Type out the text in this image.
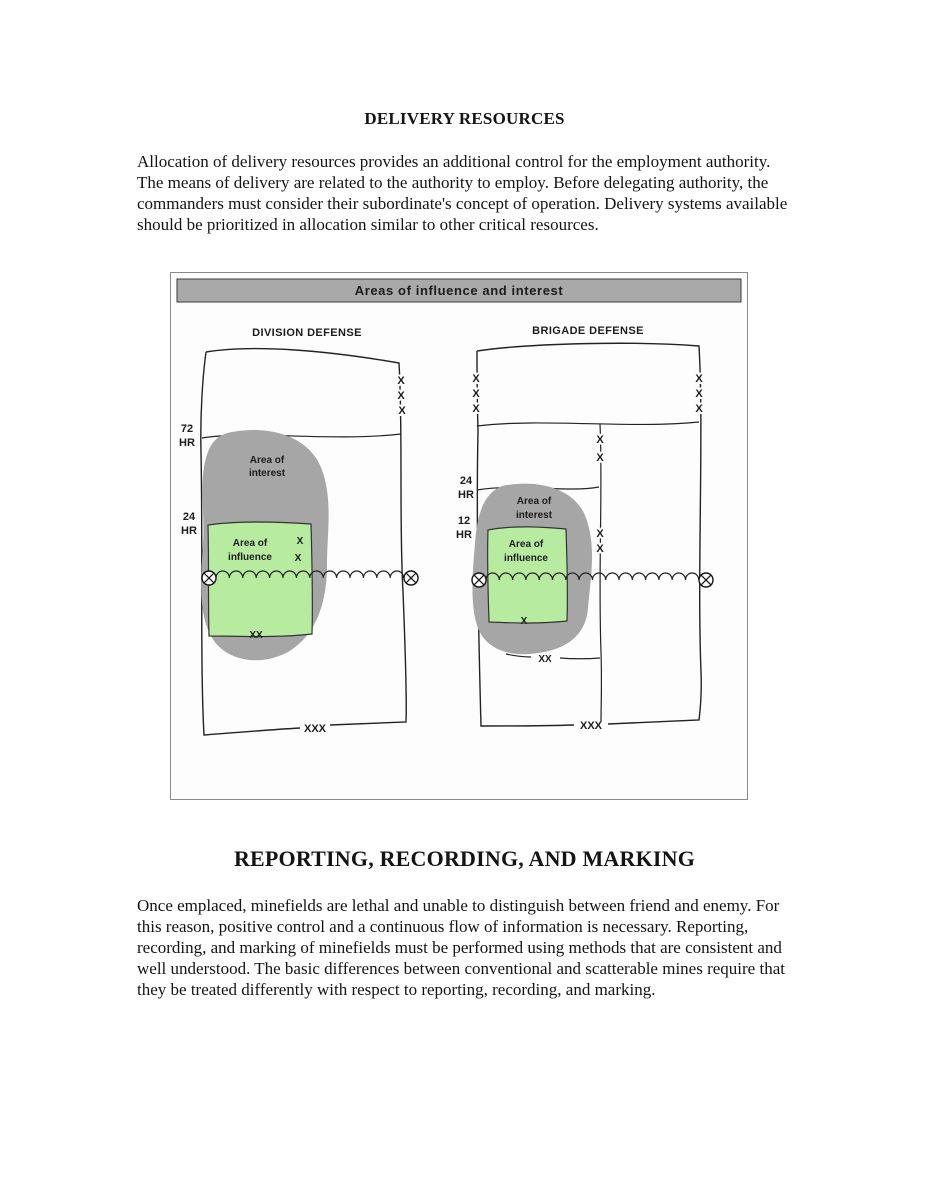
DELIVERY RESOURCES

Allocation of delivery resources provides an additional control for the employment authority. The means of delivery are related to the authority to employ. Before delegating authority, the commanders must consider their subordinate's concept of operation. Delivery systems available should be prioritized in allocation similar to other critical resources.

Areas of influence and interest
DIVISION DEFENSE
Area of
interest
Area of
influence
72
HR
24
HR
X
X
X
X
X
XX
XXX
BRIGADE DEFENSE
Area of
interest
Area of
influence
X
X
X
X
X
X
X
X
X
X
24
HR
12
HR
X
XX
XXX
REPORTING, RECORDING, AND MARKING

Once emplaced, minefields are lethal and unable to distinguish between friend and enemy. For this reason, positive control and a continuous flow of information is necessary. Reporting, recording, and marking of minefields must be performed using methods that are consistent and well understood. The basic differences between conventional and scatterable mines require that they be treated differently with respect to reporting, recording, and marking.
